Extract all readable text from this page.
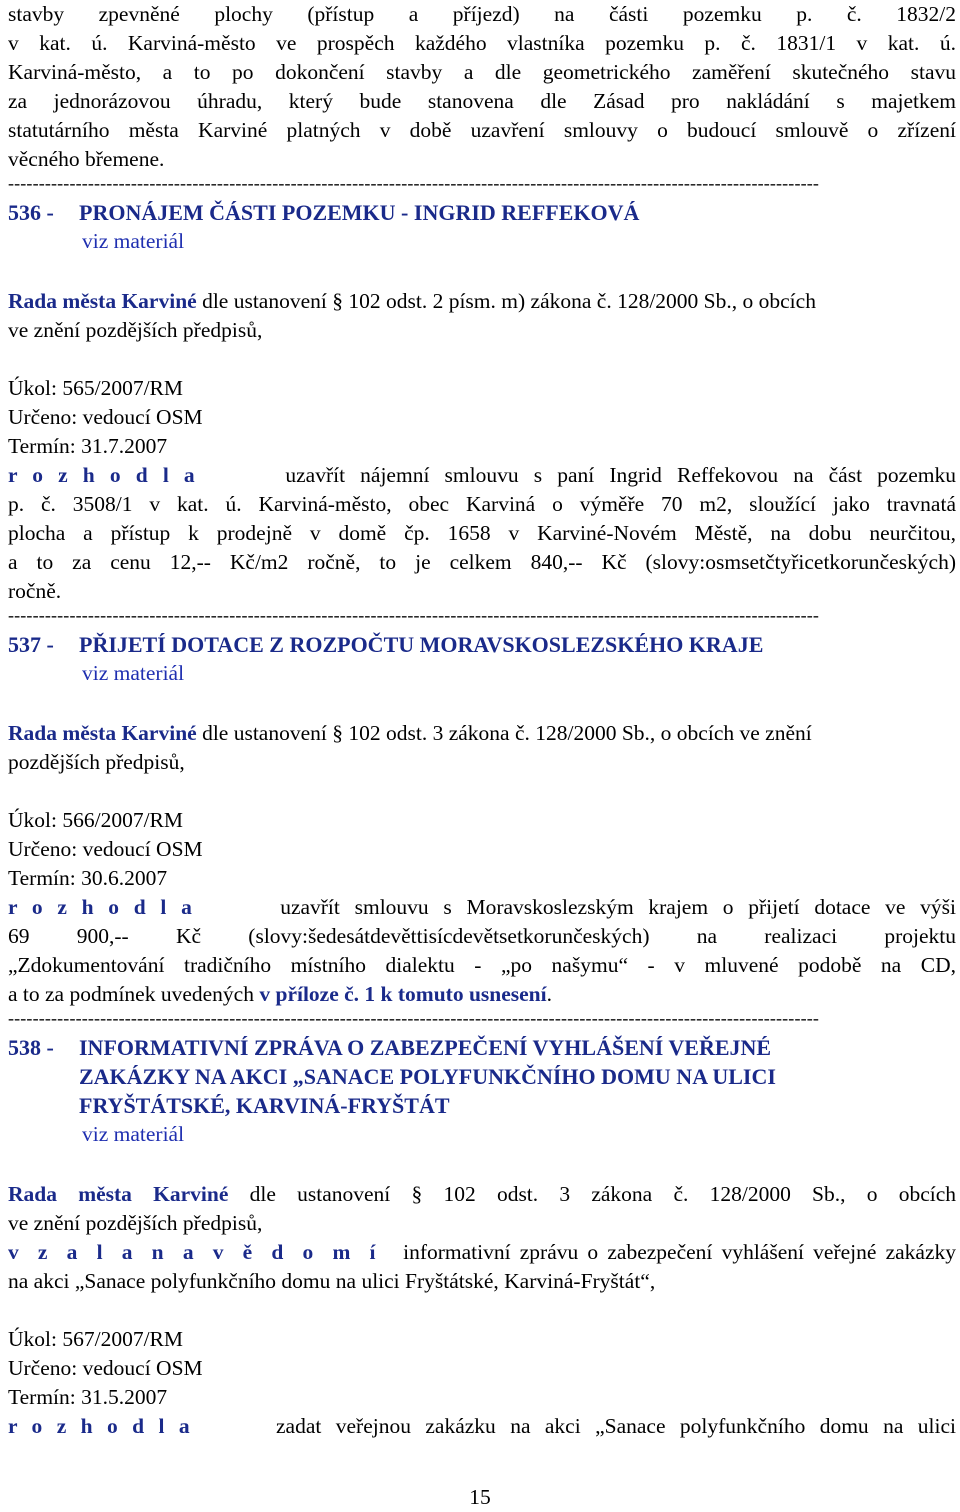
stavby zpevněné plochy (přístup a příjezd) na části pozemku p. č. 1832/2
v kat. ú. Karviná-město ve prospěch každého vlastníka pozemku p. č. 1831/1 v kat. ú.
Karviná-město, a to po dokončení stavby a dle geometrického zaměření skutečného stavu
za jednorázovou úhradu, který bude stanovena dle Zásad pro nakládání s majetkem
statutárního města Karviné platných v době uzavření smlouvy o budoucí smlouvě o zřízení
věcného břemene.
------------------------------------------------------------------------------------------------------------------------------------
536 -	PRONÁJEM ČÁSTI POZEMKU - INGRID REFFEKOVÁ
viz materiál
Rada města Karviné dle ustanovení § 102 odst. 2 písm. m) zákona č. 128/2000 Sb., o obcích
ve znění pozdějších předpisů,
Úkol: 565/2007/RM
Určeno: vedoucí OSM
Termín: 31.7.2007
r o z h o d l a	uzavřít nájemní smlouvu s paní Ingrid Reffekovou na část pozemku
p. č. 3508/1 v kat. ú. Karviná-město, obec Karviná o výměře 70 m2, sloužící jako travnatá
plocha a přístup k prodejně v domě čp. 1658 v Karviné-Novém Městě, na dobu neurčitou,
a to za cenu 12,-- Kč/m2 ročně, to je celkem 840,-- Kč (slovy:osmsetčtyřicetkorunčeských)
ročně.
------------------------------------------------------------------------------------------------------------------------------------
537 -	PŘIJETÍ DOTACE Z ROZPOČTU MORAVSKOSLEZSKÉHO KRAJE
viz materiál
Rada města Karviné dle ustanovení § 102 odst. 3 zákona č. 128/2000 Sb., o obcích ve znění
pozdějších předpisů,
Úkol: 566/2007/RM
Určeno: vedoucí OSM
Termín: 30.6.2007
r o z h o d l a	uzavřít smlouvu s Moravskoslezským krajem o přijetí dotace ve výši
69 900,-- Kč (slovy:šedesátdevěttisícdevětsetkorunčeských) na realizaci projektu
„Zdokumentování tradičního místního dialektu - „po našymu“ - v mluvené podobě na CD,
a to za podmínek uvedených v příloze č. 1 k tomuto usnesení.
------------------------------------------------------------------------------------------------------------------------------------
538 -	INFORMATIVNÍ ZPRÁVA O ZABEZPEČENÍ VYHLÁŠENÍ VEŘEJNÉ
ZAKÁZKY NA AKCI „SANACE POLYFUNKČNÍHO DOMU NA ULICI
FRYŠTÁTSKÉ, KARVINÁ-FRYŠTÁT
viz materiál
Rada města Karviné dle ustanovení § 102 odst. 3 zákona č. 128/2000 Sb., o obcích
ve znění pozdějších předpisů,
v z a l a n a v ě d o m í informativní zprávu o zabezpečení vyhlášení veřejné zakázky
na akci „Sanace polyfunkčního domu na ulici Fryštátské, Karviná-Fryštát“,
Úkol: 567/2007/RM
Určeno: vedoucí OSM
Termín: 31.5.2007
r o z h o d l a	zadat veřejnou zakázku na akci „Sanace polyfunkčního domu na ulici
15
